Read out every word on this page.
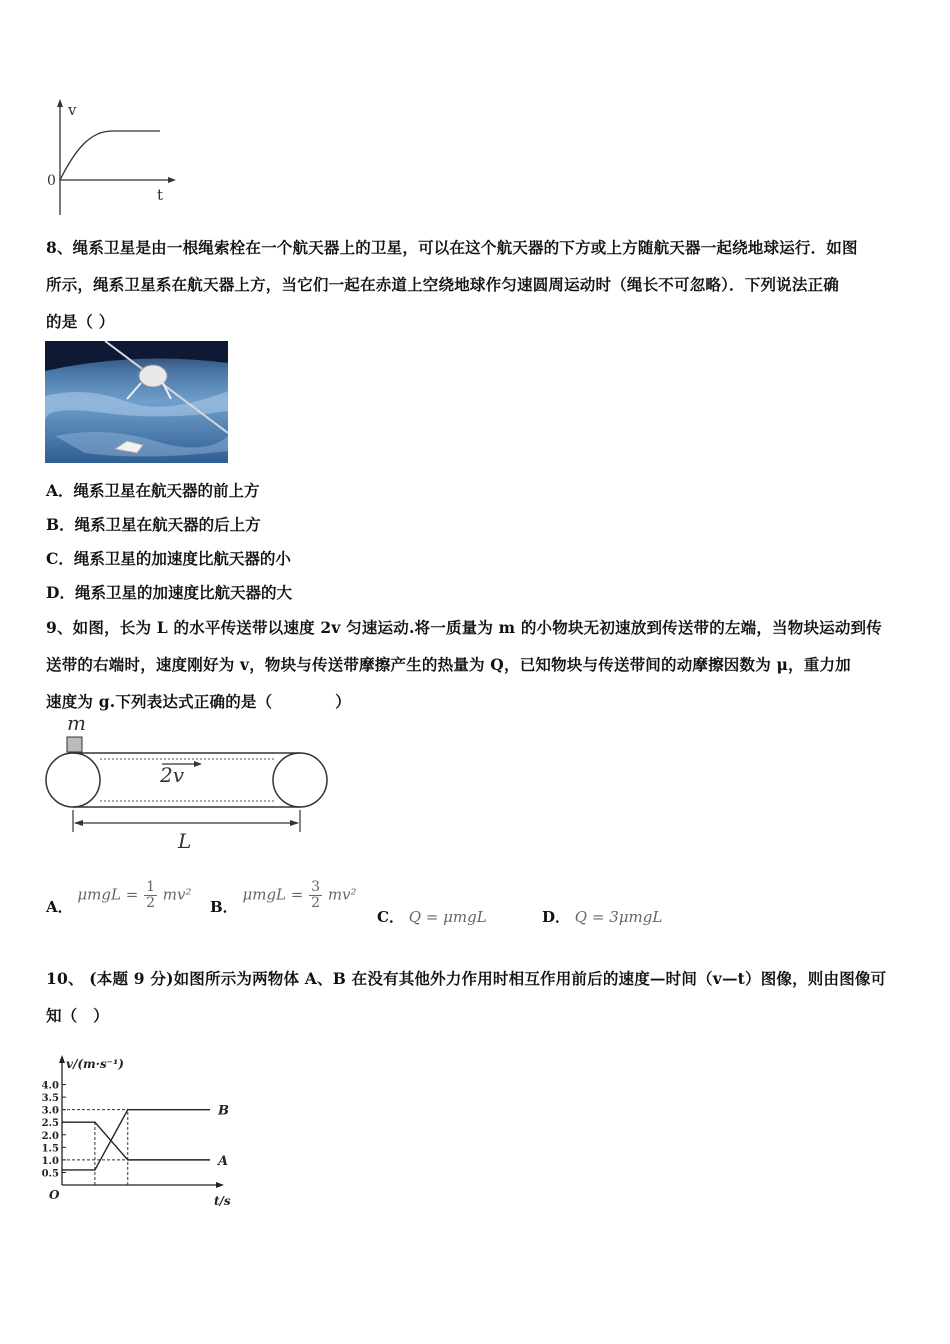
v
t
0
8、绳系卫星是由一根绳索栓在一个航天器上的卫星，可以在这个航天器的下方或上方随航天器一起绕地球运行．如图
所示，绳系卫星系在航天器上方，当它们一起在赤道上空绕地球作匀速圆周运动时（绳长不可忽略）．下列说法正确
的是（ ）
A．绳系卫星在航天器的前上方
B．绳系卫星在航天器的后上方
C．绳系卫星的加速度比航天器的小
D．绳系卫星的加速度比航天器的大
9、如图，长为 L 的水平传送带以速度 2v 匀速运动.将一质量为 m 的小物块无初速放到传送带的左端，当物块运动到传
送带的右端时，速度刚好为 v，物块与传送带摩擦产生的热量为 Q，已知物块与传送带间的动摩擦因数为 μ，重力加
速度为 g.下列表达式正确的是（　　　　）
m
2v
L
A． $\mu mgL = \frac{1}{2} mv^2$
B． $\mu mgL = \frac{3}{2} mv^2$
C． Q = μmgL	D． Q = 3μmgL
10、 (本题 9 分)如图所示为两物体 A、B 在没有其他外力作用时相互作用前后的速度—时间（v—t）图像，则由图像可
知（　）
v/(m·s⁻¹)
t/s
O
4.0
3.5
3.0
2.5
2.0
1.5
1.0
0.5
A
B
